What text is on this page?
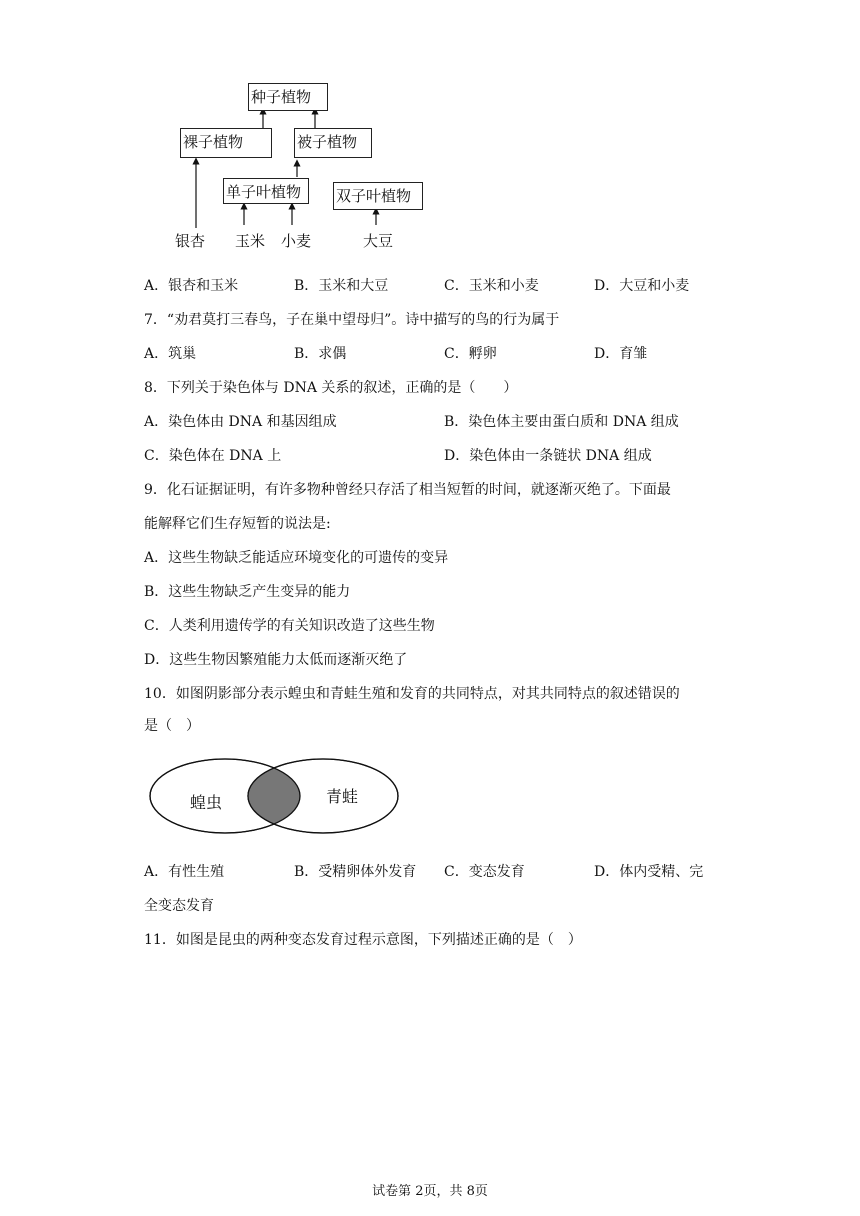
种子植物
裸子植物	被子植物
单子叶植物	双子叶植物
银杏 玉米 小麦	大豆
A．银杏和玉米	B．玉米和大豆	C．玉米和小麦	D．大豆和小麦
7．“劝君莫打三春鸟，子在巢中望母归”。诗中描写的鸟的行为属于
A．筑巢	B．求偶	C．孵卵	D．育雏
8．下列关于染色体与 DNA 关系的叙述，正确的是（　　）
A．染色体由 DNA 和基因组成	B．染色体主要由蛋白质和 DNA 组成
C．染色体在 DNA 上	D．染色体由一条链状 DNA 组成
9．化石证据证明，有许多物种曾经只存活了相当短暂的时间，就逐渐灭绝了。下面最
能解释它们生存短暂的说法是:
A．这些生物缺乏能适应环境变化的可遗传的变异
B．这些生物缺乏产生变异的能力
C．人类利用遗传学的有关知识改造了这些生物
D．这些生物因繁殖能力太低而逐渐灭绝了
10．如图阴影部分表示蝗虫和青蛙生殖和发育的共同特点，对其共同特点的叙述错误的
是（　）
蝗虫	青蛙
A．有性生殖	B．受精卵体外发育 C．变态发育	D．体内受精、完
全变态发育
11．如图是昆虫的两种变态发育过程示意图，下列描述正确的是（　）
试卷第 2页，共 8页
